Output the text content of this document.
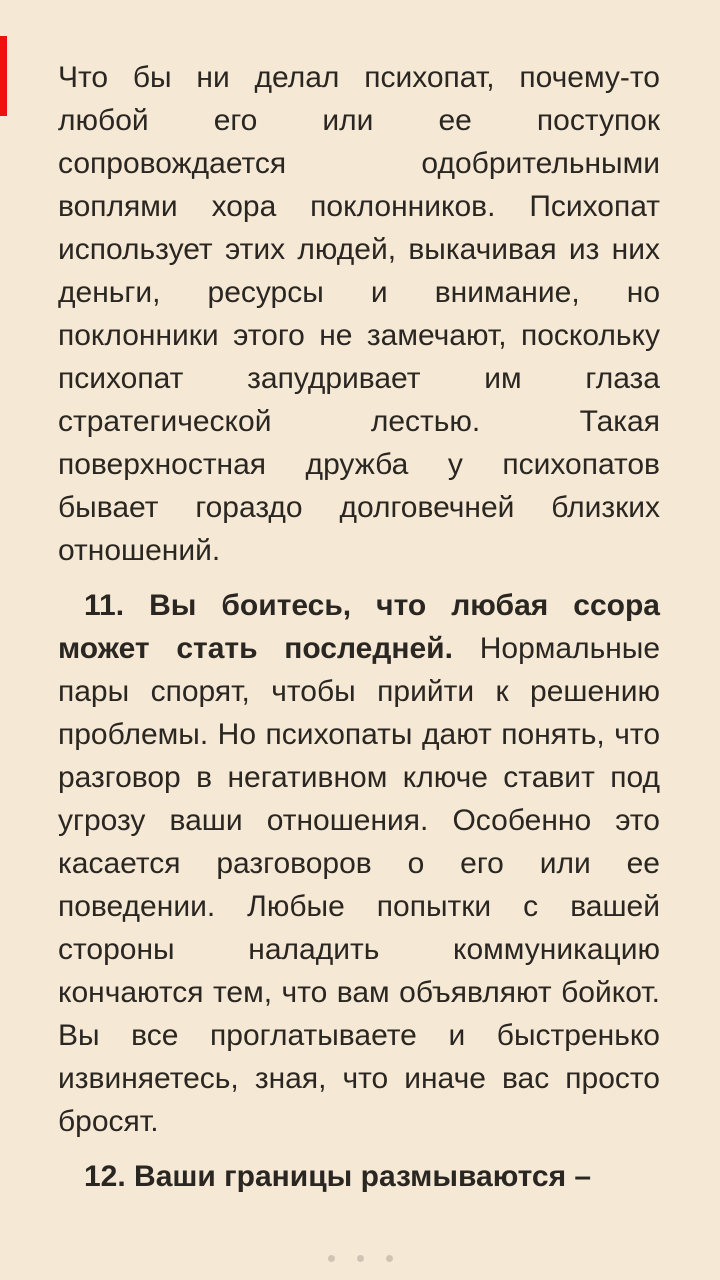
Что бы ни делал психопат, почему-то любой его или ее поступок сопровождается одобрительными воплями хора поклонников. Психопат использует этих людей, выкачивая из них деньги, ресурсы и внимание, но поклонники этого не замечают, поскольку психопат запудривает им глаза стратегической лестью. Такая поверхностная дружба у психопатов бывает гораздо долговечней близких отношений.

11. Вы боитесь, что любая ссора может стать последней. Нормальные пары спорят, чтобы прийти к решению проблемы. Но психопаты дают понять, что разговор в негативном ключе ставит под угрозу ваши отношения. Особенно это касается разговоров о его или ее поведении. Любые попытки с вашей стороны наладить коммуникацию кончаются тем, что вам объявляют бойкот. Вы все проглатываете и быстренько извиняетесь, зная, что иначе вас просто бросят.

12. Ваши границы размываются –
